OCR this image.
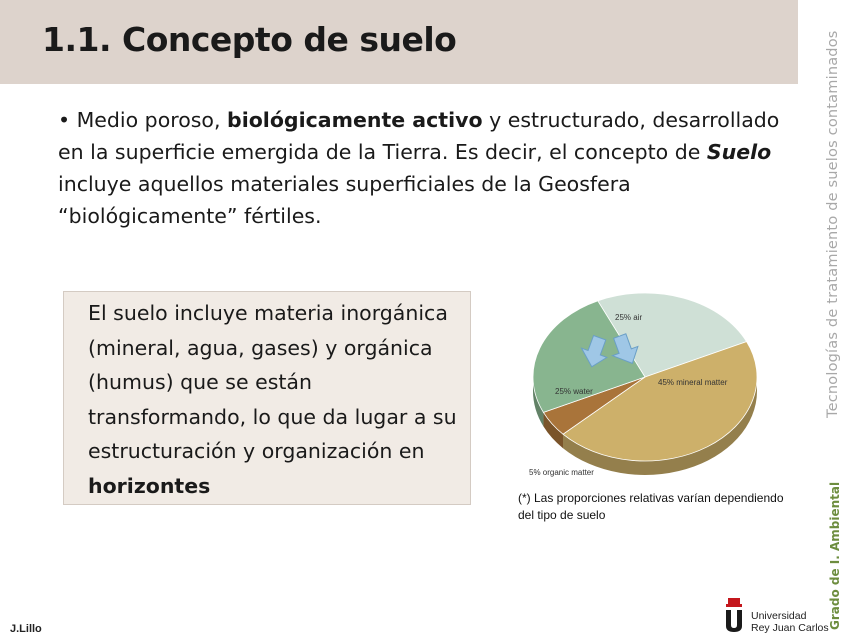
1.1. Concepto de suelo	Tecnologías de tratamiento de suelos contaminados
Grado de I. Ambiental
• Medio poroso, biológicamente activo y estructurado, desarrollado en la superficie emergida de la Tierra. Es decir, el concepto de Suelo incluye aquellos materiales superficiales de la Geosfera “biológicamente” fértiles.
El suelo incluye materia inorgánica (mineral, agua, gases) y orgánica (humus) que se están transformando, lo que da lugar a su estructuración y organización en horizontes
25% air
25% water
45% mineral matter
5% organic matter
(*) Las proporciones relativas varían dependiendo del tipo de suelo
J.Lillo
Universidad
Rey Juan Carlos
